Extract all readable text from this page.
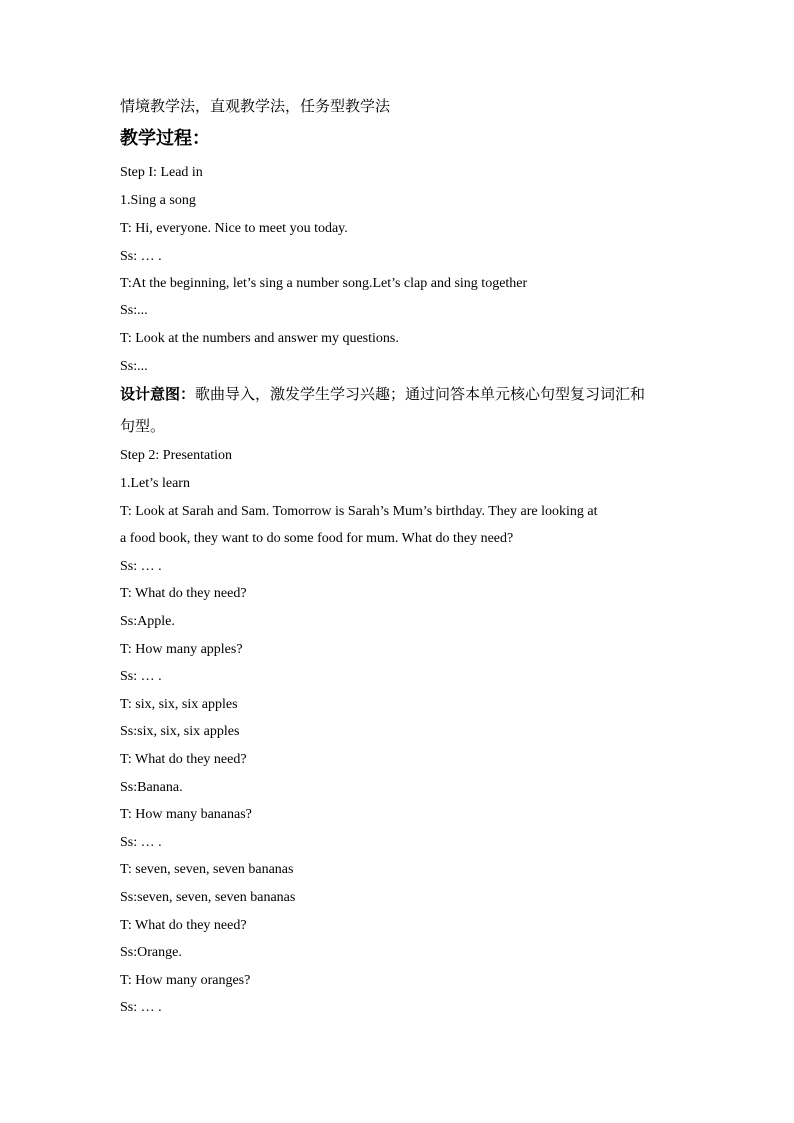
情境教学法，直观教学法，任务型教学法
教学过程：
Step I: Lead in
1.Sing a song
T: Hi, everyone. Nice to meet you today.
Ss: … .
T:At the beginning, let’s sing a number song.Let’s clap and sing together
Ss:...
T: Look at the numbers and answer my questions.
Ss:...
设计意图：歌曲导入，激发学生学习兴趣；通过问答本单元核心句型复习词汇和
句型。
Step 2: Presentation
1.Let’s learn
T: Look at Sarah and Sam. Tomorrow is Sarah’s Mum’s birthday. They are looking at
a food book, they want to do some food for mum. What do they need?
Ss: … .
T: What do they need?
Ss:Apple.
T: How many apples?
Ss: … .
T: six, six, six apples
Ss:six, six, six apples
T: What do they need?
Ss:Banana.
T: How many bananas?
Ss: … .
T: seven, seven, seven bananas
Ss:seven, seven, seven bananas
T: What do they need?
Ss:Orange.
T: How many oranges?
Ss: … .
